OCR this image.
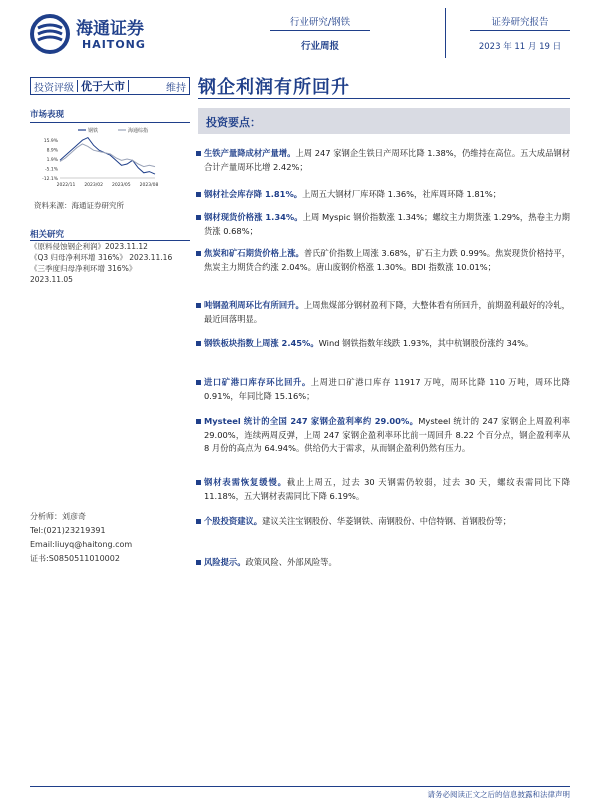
海通证券
HAITONG
行业研究/钢铁
行业周报
证券研究报告
2023 年 11 月 19 日
投资评级 优于大市	维持 钢企利润有所回升
市场表现
15.9%
8.9%
1.9%
-5.1%
-12.1%
2022/11 2023/02 2023/05 2023/08
钢铁	海通综指
资料来源：海通证券研究所
相关研究
《原料侵蚀钢企利润》2023.11.12
《Q3 归母净利环增 316%》 2023.11.16
《三季度归母净利环增 316%》
2023.11.05
分析师：刘彦奇
Tel:(021)23219391
Email:liuyq@haitong.com
证书:S0850511010002
投资要点：
生铁产量降成材产量增。上周 247 家钢企生铁日产周环比降 1.38%，仍维持在高位。五大成品钢材合计产量周环比增 2.42%；
钢材社会库存降 1.81%。上周五大钢材厂库环降 1.36%，社库周环降 1.81%；
钢材现货价格涨 1.34%。上周 Myspic 钢价指数涨 1.34%；螺纹主力期货涨 1.29%，热卷主力期货涨 0.68%；
焦炭和矿石期货价格上涨。普氏矿价指数上周涨 3.68%，矿石主力跌 0.99%。焦炭现货价格持平，焦炭主力期货合约涨 2.04%。唐山废钢价格涨 1.30%。BDI 指数涨 10.01%；
吨钢盈利周环比有所回升。上周焦煤部分钢材盈利下降，大整体看有所回升，前期盈利最好的冷轧，最近回落明显。
钢铁板块指数上周涨 2.45%。Wind 钢铁指数年线跌 1.93%，其中杭钢股份涨约 34%。
进口矿港口库存环比回升。上周进口矿港口库存 11917 万吨，周环比降 110 万吨，周环比降 0.91%，年同比降 15.16%；
Mysteel 统计的全国 247 家钢企盈利率约 29.00%。Mysteel 统计的 247 家钢企上周盈利率 29.00%，连续两周反弹，上周 247 家钢企盈利率环比前一周回升 8.22 个百分点，钢企盈利率从 8 月份的高点为 64.94%。供给仍大于需求，从而钢企盈利仍然有压力。
钢材表需恢复缓慢。截止上周五，过去 30 天钢需仍较弱，过去 30 天，螺纹表需同比下降 11.18%，五大钢材表需同比下降 6.19%。
个股投资建议。建议关注宝钢股份、华菱钢铁、南钢股份、中信特钢、首钢股份等；
风险提示。政策风险、外部风险等。
请务必阅读正文之后的信息披露和法律声明
